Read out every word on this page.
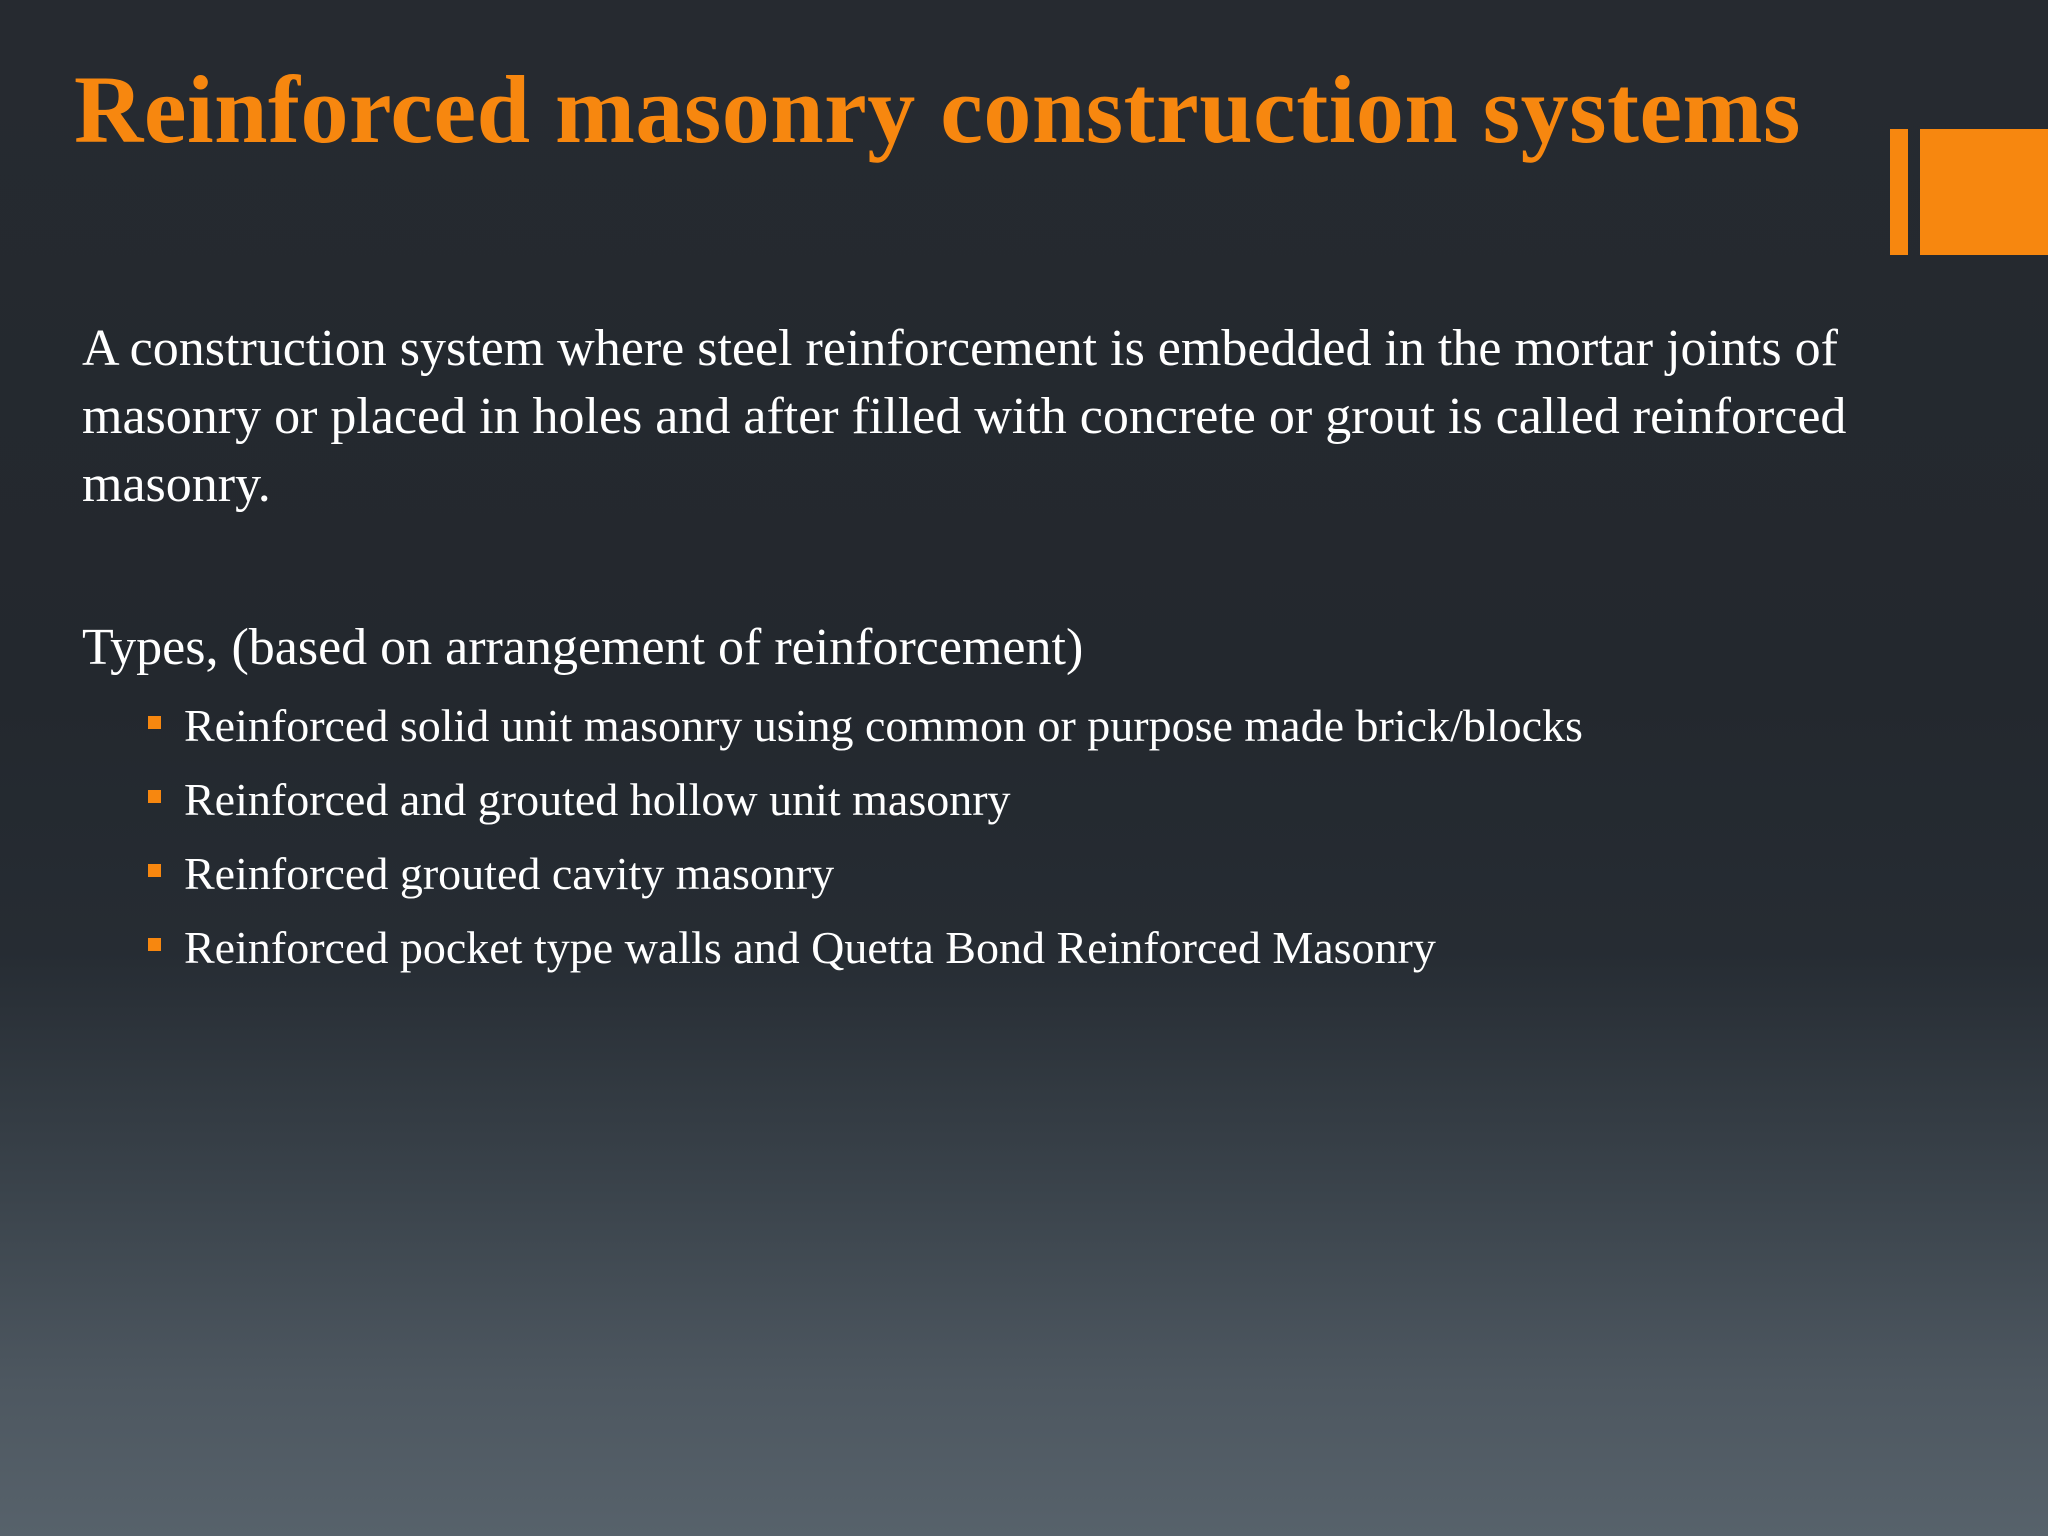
Reinforced masonry construction systems

A construction system where steel reinforcement is embedded in the mortar joints of masonry or placed in holes and after filled with concrete or grout is called reinforced masonry.

Types, (based on arrangement of reinforcement)

Reinforced solid unit masonry using common or purpose made brick/blocks
Reinforced and grouted hollow unit masonry
Reinforced grouted cavity masonry
Reinforced pocket type walls and Quetta Bond Reinforced Masonry
